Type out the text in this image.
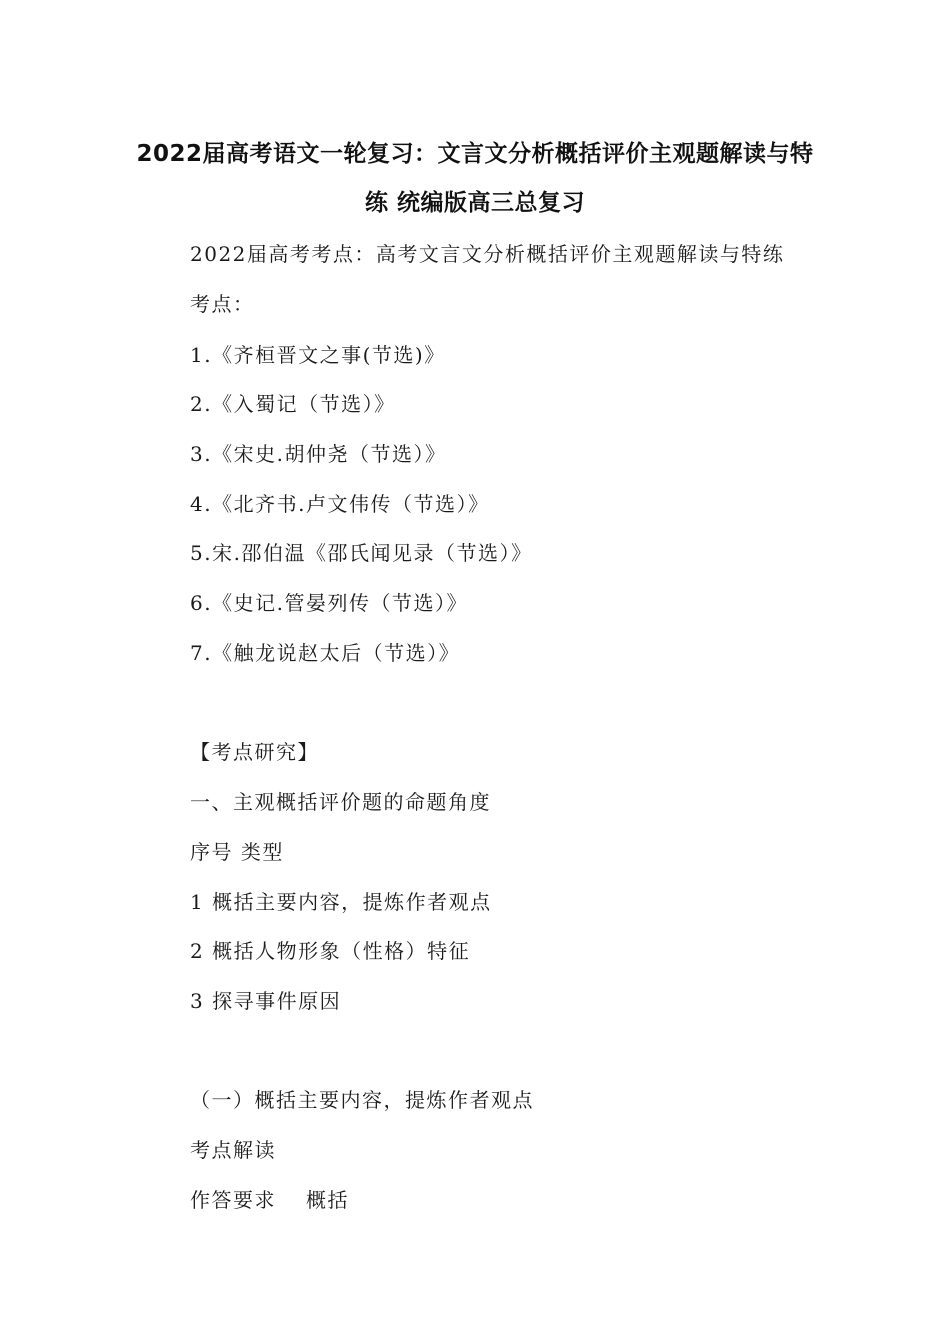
2022届高考语文一轮复习：文言文分析概括评价主观题解读与特
练 统编版高三总复习
2022届高考考点：高考文言文分析概括评价主观题解读与特练
考点：
1.《齐桓晋文之事(节选)》
2.《入蜀记（节选）》
3.《宋史.胡仲尧（节选）》
4.《北齐书.卢文伟传（节选）》
5.宋.邵伯温《邵氏闻见录（节选）》
6.《史记.管晏列传（节选）》
7.《触龙说赵太后（节选）》
【考点研究】
一、主观概括评价题的命题角度
序号 类型
1 概括主要内容，提炼作者观点
2 概括人物形象（性格）特征
3 探寻事件原因
（一）概括主要内容，提炼作者观点
考点解读
作答要求 概括
